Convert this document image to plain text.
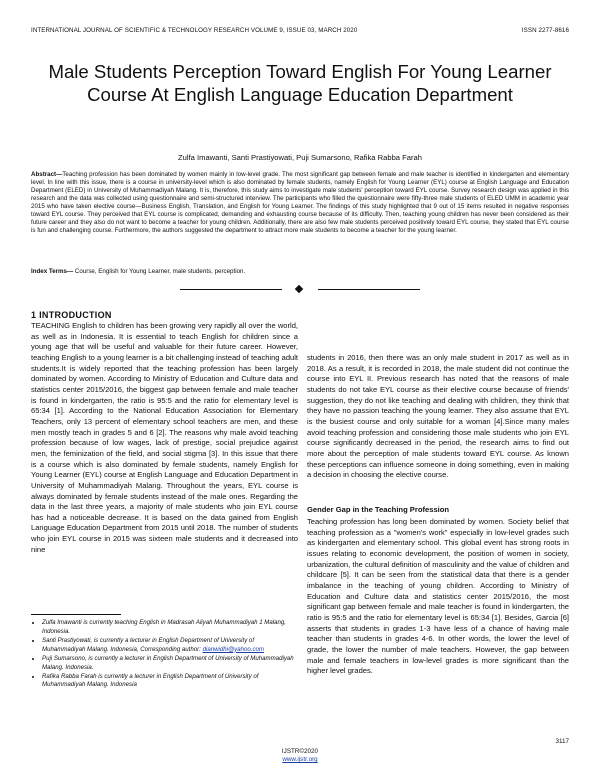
INTERNATIONAL JOURNAL OF SCIENTIFIC & TECHNOLOGY RESEARCH VOLUME 9, ISSUE 03, MARCH 2020	ISSN 2277-8616
Male Students Perception Toward English For Young Learner Course At English Language Education Department
Zulfa Imawanti, Santi Prastiyowati, Puji Sumarsono, Rafika Rabba Farah
Abstract—Teaching profession has been dominated by women mainly in low-level grade. The most significant gap between female and male teacher is identified in kindergarten and elementary level. In line with this issue, there is a course in university-level which is also dominated by female students, namely English for Young Learner (EYL) course at English Language and Education Department (ELED) in University of Muhammadiyah Malang. It is, therefore, this study aims to investigate male students' perception toward EYL course. Survey research design was applied in this research and the data was collected using questionnaire and semi-structured interview. The participants who filled the questionnaire were fifty-three male students of ELED UMM in academic year 2015 who have taken elective course—Business English, Translation, and English for Young Learner. The findings of this study highlighted that 9 out of 15 items resulted in negative responses toward EYL course. They perceived that EYL course is complicated, demanding and exhausting course because of its difficulty. Then, teaching young children has never been considered as their future career and they also do not want to become a teacher for young children. Additionally, there are also few male students perceived positively toward EYL course, they stated that EYL course is fun and challenging course. Furthermore, the authors suggested the department to attract more male students to become a teacher for the young learner.
Index Terms— Course, English for Young Learner, male students, perception.
1 INTRODUCTION
TEACHING English to children has been growing very rapidly all over the world, as well as in Indonesia. It is essential to teach English for children since a young age that will be useful and valuable for their future career. However, teaching English to a young learner is a bit challenging instead of teaching adult students.It is widely reported that the teaching profession has been largely dominated by women. According to Ministry of Education and Culture data and statistics center 2015/2016, the biggest gap between female and male teacher is found in kindergarten, the ratio is 95:5 and the ratio for elementary level is 65:34 [1]. According to the National Education Association for Elementary Teachers, only 13 percent of elementary school teachers are men, and these men mostly teach in grades 5 and 6 [2]. The reasons why male avoid teaching profession because of low wages, lack of prestige, social prejudice against men, the feminization of the field, and social stigma [3]. In this issue that there is a course which is also dominated by female students, namely English for Young Learner (EYL) course at English Language and Education Department in University of Muhammadiyah Malang. Throughout the years, EYL course is always dominated by female students instead of the male ones. Regarding the data in the last three years, a majority of male students who join EYL course has had a noticeable decrease. It is based on the data gained from English Language Education Department from 2015 until 2018. The number of students who join EYL course in 2015 was sixteen male students and it decreased into nine
students in 2016, then there was an only male student in 2017 as well as in 2018. As a result, it is recorded in 2018, the male student did not continue the course into EYL II. Previous research has noted that the reasons of male students do not take EYL course as their elective course because of friends' suggestion, they do not like teaching and dealing with children, they think that they have no passion teaching the young learner. They also assume that EYL is the busiest course and only suitable for a woman [4].Since many males avoid teaching profession and considering those male students who join EYL course significantly decreased in the period, the research aims to find out more about the perception of male students toward EYL course. As known these perceptions can influence someone in doing something, even in making a decision in choosing the elective course.
Gender Gap in the Teaching Profession
Teaching profession has long been dominated by women. Society belief that teaching profession as a "women's work" especially in low-level grades such as kindergarten and elementary school. This global event has strong roots in issues relating to economic development, the position of women in society, urbanization, the cultural definition of masculinity and the value of children and childcare [5]. It can be seen from the statistical data that there is a gender imbalance in the teaching of young children. According to Ministry of Education and Culture data and statistics center 2015/2016, the most significant gap between female and male teacher is found in kindergarten, the ratio is 95:5 and the ratio for elementary level is 65:34 [1]. Besides, Garcia [6] asserts that students in grades 1-3 have less of a chance of having male teacher than students in grades 4-6. In other words, the lower the level of grade, the lower the number of male teachers. However, the gap between male and female teachers in low-level grades is more significant than the higher level grades.
• Zulfa Imawanti is currently teaching English in Madrasah Aliyah Muhammadiyah 1 Malang, Indonesia.
• Santi Prastiyowati, is currently a lecturer in English Department of University of Muhammadiyah Malang. Indonesia, Corresponding author: dianwidhi@yahoo.com
• Puji Sumarsono, is currently a lecturer in English Department of University of Muhammadiyah Malang. Indonesia.
• Rafika Rabba Farah is currently a lecturer in English Department of University of Muhammadiyah Malang. Indonesia
3117
IJSTR©2020
www.ijstr.org
